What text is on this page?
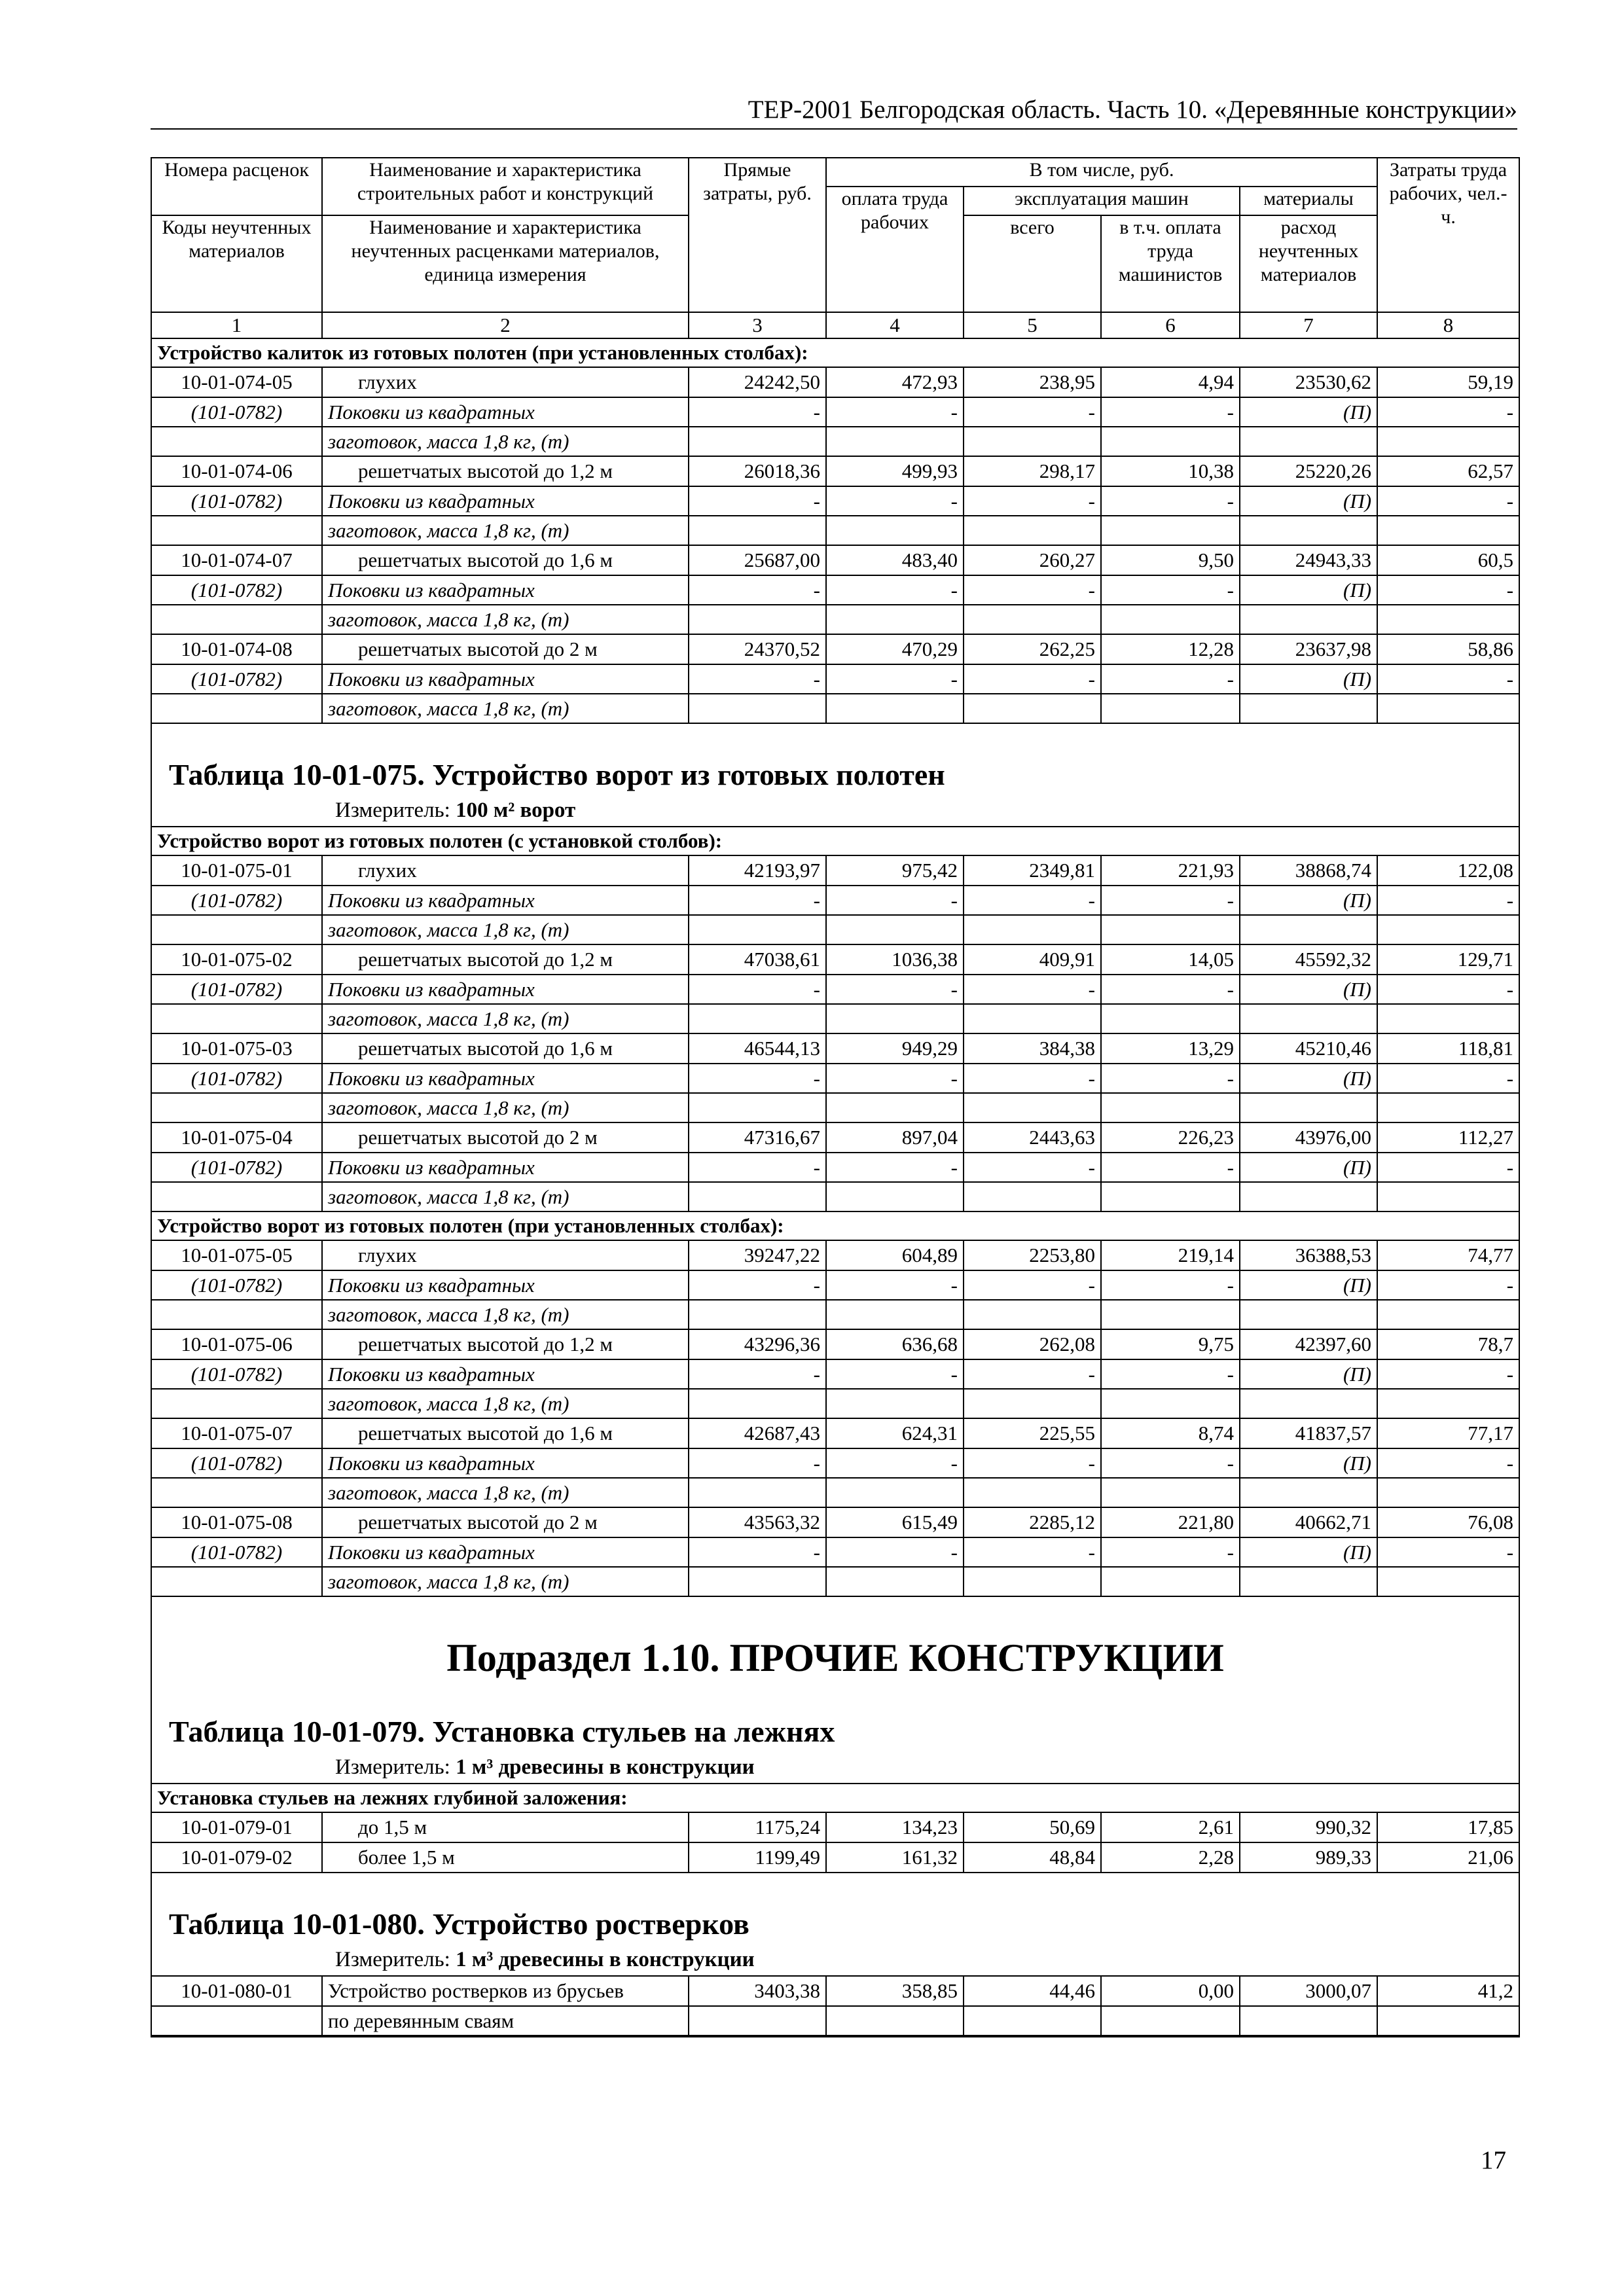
ТЕР-2001 Белгородская область. Часть 10. «Деревянные конструкции»
Номера расценок	Наименование и характеристика строительных работ и конструкций	Прямые затраты, руб.	В том числе, руб.				Затраты труда рабочих, чел.-ч.
			оплата труда рабочих	эксплуатация машин		материалы	
Коды неучтенных материалов	Наименование и характеристика неучтенных расценками материалов, единица измерения			всего	в т.ч. оплата труда машинистов	расход неучтенных материалов	

1	2	3	4	5	6	7	8
Устройство калиток из готовых полотен (при установленных столбах):							
10-01-074-05	глухих	24242,50	472,93	238,95	4,94	23530,62	59,19
(101-0782)	Поковки из квадратных	-	-	-	-	(П)	-
	заготовок, масса 1,8 кг, (т)						
10-01-074-06	решетчатых высотой до 1,2 м	26018,36	499,93	298,17	10,38	25220,26	62,57
(101-0782)	Поковки из квадратных	-	-	-	-	(П)	-
	заготовок, масса 1,8 кг, (т)						
10-01-074-07	решетчатых высотой до 1,6 м	25687,00	483,40	260,27	9,50	24943,33	60,5
(101-0782)	Поковки из квадратных	-	-	-	-	(П)	-
	заготовок, масса 1,8 кг, (т)						
10-01-074-08	решетчатых высотой до 2 м	24370,52	470,29	262,25	12,28	23637,98	58,86
(101-0782)	Поковки из квадратных	-	-	-	-	(П)	-
	заготовок, масса 1,8 кг, (т)						
Таблица 10-01-075. Устройство ворот из готовых полотен
Измеритель: 100 м² ворот
Устройство ворот из готовых полотен (с установкой столбов):							
10-01-075-01	глухих	42193,97	975,42	2349,81	221,93	38868,74	122,08
(101-0782)	Поковки из квадратных	-	-	-	-	(П)	-
	заготовок, масса 1,8 кг, (т)						
10-01-075-02	решетчатых высотой до 1,2 м	47038,61	1036,38	409,91	14,05	45592,32	129,71
(101-0782)	Поковки из квадратных	-	-	-	-	(П)	-
	заготовок, масса 1,8 кг, (т)						
10-01-075-03	решетчатых высотой до 1,6 м	46544,13	949,29	384,38	13,29	45210,46	118,81
(101-0782)	Поковки из квадратных	-	-	-	-	(П)	-
	заготовок, масса 1,8 кг, (т)						
10-01-075-04	решетчатых высотой до 2 м	47316,67	897,04	2443,63	226,23	43976,00	112,27
(101-0782)	Поковки из квадратных	-	-	-	-	(П)	-
	заготовок, масса 1,8 кг, (т)						
Устройство ворот из готовых полотен (при установленных столбах):							
10-01-075-05	глухих	39247,22	604,89	2253,80	219,14	36388,53	74,77
(101-0782)	Поковки из квадратных	-	-	-	-	(П)	-
	заготовок, масса 1,8 кг, (т)						
10-01-075-06	решетчатых высотой до 1,2 м	43296,36	636,68	262,08	9,75	42397,60	78,7
(101-0782)	Поковки из квадратных	-	-	-	-	(П)	-
	заготовок, масса 1,8 кг, (т)						
10-01-075-07	решетчатых высотой до 1,6 м	42687,43	624,31	225,55	8,74	41837,57	77,17
(101-0782)	Поковки из квадратных	-	-	-	-	(П)	-
	заготовок, масса 1,8 кг, (т)						
10-01-075-08	решетчатых высотой до 2 м	43563,32	615,49	2285,12	221,80	40662,71	76,08
(101-0782)	Поковки из квадратных	-	-	-	-	(П)	-
	заготовок, масса 1,8 кг, (т)						
Подраздел 1.10. ПРОЧИЕ КОНСТРУКЦИИ
Таблица 10-01-079. Установка стульев на лежнях
Измеритель: 1 м³ древесины в конструкции
Установка стульев на лежнях глубиной заложения:							
10-01-079-01	до 1,5 м	1175,24	134,23	50,69	2,61	990,32	17,85
10-01-079-02	более 1,5 м	1199,49	161,32	48,84	2,28	989,33	21,06
Таблица 10-01-080. Устройство ростверков
Измеритель: 1 м³ древесины в конструкции
10-01-080-01	Устройство ростверков из брусьев	3403,38	358,85	44,46	0,00	3000,07	41,2
	по деревянным сваям						
17
